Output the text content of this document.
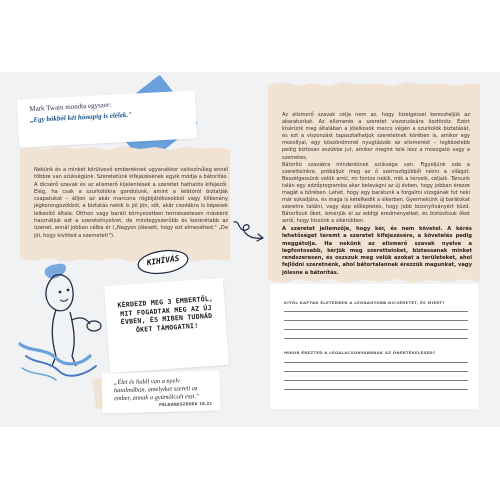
Mark Twain mondta egyszer:
„Egy bókból két hónapig is elélek."
Nekünk és a minket körülvevő embereknek ugyanakkor valószínűleg ennél többre van szükségünk. Szeretetünk kifejezésének egyik módja a bátorítás. A dicsérő szavak és az elismerő kijelentések a szeretet hathatós kifejezői. Elég, ha csak a szurkolókra gondolunk, amint a lelátóról biztatják csapatukat – álljon az akár marcona rögbijátékosokból vagy kilkenény jégkorongozókból, a biztatás nekik is jól jön, sőt, akár csodákra is képesek lelkesítő általa. Otthon vagy baráti környezetben természetesen másként használjuk ezt a szeretetnyelvet, de mindegyszerűbb és konkrétabb az üzenet, annál jobban célba ér („Nagyon jólesett, hogy ezt elmesélted." „De jól, hogy kivitted a szemetet!").

Az elismerő szavak célja nem az, hogy hízelgéssel kereszteljük az akaratunkat. Az elismerés a szeretet viszonzására ösztönöz. Ezért kísérünk meg általában a jólelkosok meccs végén a szurkolók biztatását, és ezt a viszonzást tapasztalhatjuk szeretetnek körében is, amikor egy mosollyal, egy köszönömmel nyugtázzák az elismerést – legközelebb pedig biztosan eszükbe jut, amikor megint tele lesz a mosogató vagy a szemetes.

Bátorító szavakra mindenkinek szüksége van. Figyeljünk oda a szeretteinkre, próbáljuk meg az ő szemszögükből nézni a világot. Beszélgessünk velük arról, mi fontos nekik, mik a terveik, céljaik. Társunk talán egy edzőprogramba akar belevágni az új évben, hogy jobban érezze magát a bőrében. Lehet, hogy egy barátunk a forgalmi vizsgának fut neki már sokadjára, és maga is kételkedik a sikerben. Gyermekünk új barátokat szeretne találni, vagy épp előléptetés, hogy jobb bizonyítványért küzd. Bátorítsuk őket, ismerjük el az eddigi eredményeiket, és biztosítsuk őket arról, hogy hiszünk a sikerükben.

A szeretet jellemzője, hogy kér, és nem követel. A kérés lehetőséget teremt a szeretet kifejezésére, a követelés pedig meggátolja. Ha nekünk az elismerő szavak nyelve a legfontosabb, kérjük meg szeretteinket, biztassanak minket rendszeresen, és oszszuk meg velük azokat a területeket, ahol fejlődni szeretnénk, ahol bátortalannak érezzük magunkat, vagy jólesne a bátorítás.
KIHÍVÁS
KÉRDEZD MEG 3 EMBERTŐL, MIT FOGADTAK MEG AZ ÚJ ÉVBEN, ÉS MIBEN TUDNÁD ŐKET TÁMOGATNI!
„Élet és halál van a nyelv hatalmában, amelyiket szereti az ember, annak a gyümölcsét eszi."
PÉLDABESZÉDEK 18,21
KITŐL KAPTAD ÉLETEDBEN A LEGNAGYOBB DICSÉRETET, ÉS MIÉRT?
MIKOR ÉREZTED A LEGALACSONYABBNAK AZ ÖNÉRTÉKELÉSED?
